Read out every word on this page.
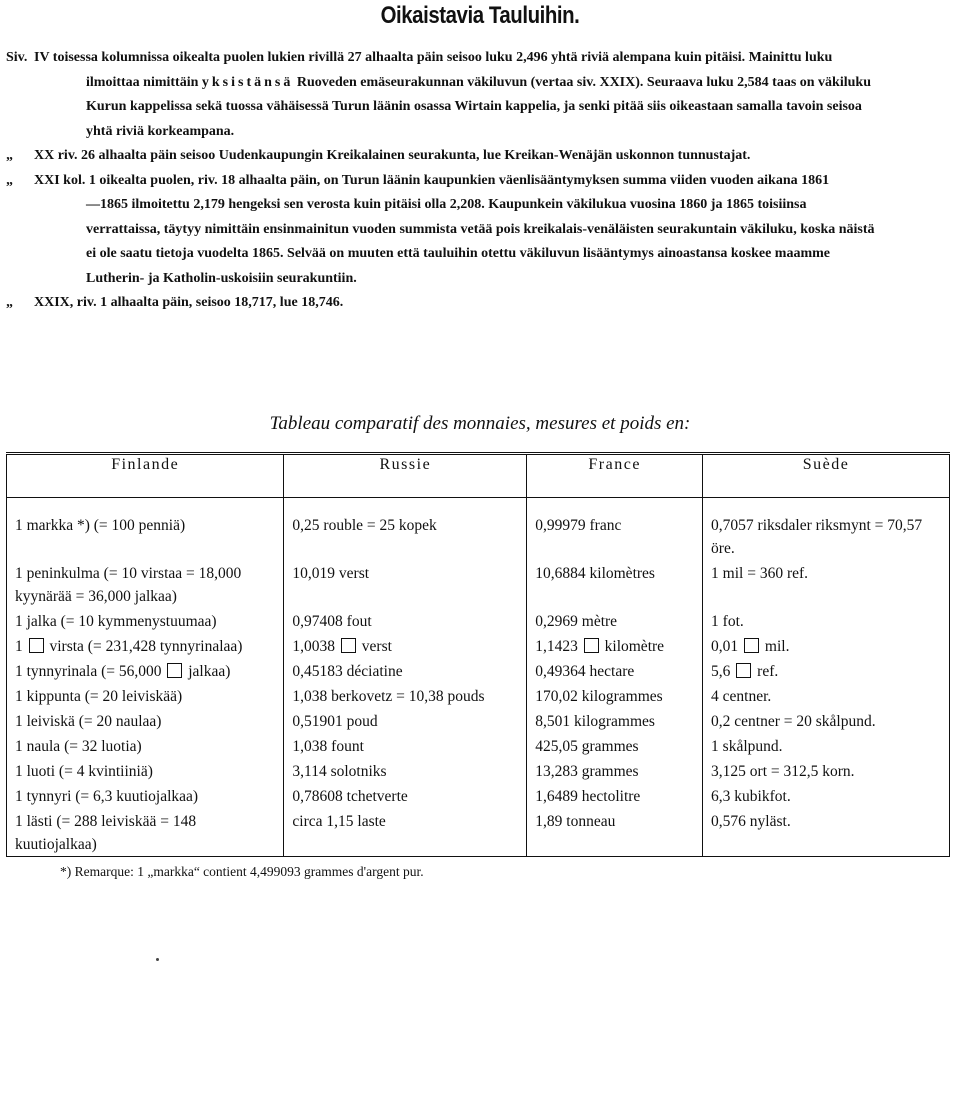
Oikaistavia Tauluihin.
Siv. IV toisessa kolumnissa oikealta puolen lukien rivillä 27 alhaalta päin seisoo luku 2,496 yhtä riviä alempana kuin pitäisi. Mainittu luku
ilmoittaa nimittäin yksistänsä Ruoveden emäseurakunnan väkiluvun (vertaa siv. XXIX). Seuraava luku 2,584 taas on väkiluku
Kurun kappelissa sekä tuossa vähäisessä Turun läänin osassa Wirtain kappelia, ja senki pitää siis oikeastaan samalla tavoin seisoa
yhtä riviä korkeampana.
„ XX riv. 26 alhaalta päin seisoo Uudenkaupungin Kreikalainen seurakunta, lue Kreikan-Wenäjän uskonnon tunnustajat.
„ XXI kol. 1 oikealta puolen, riv. 18 alhaalta päin, on Turun läänin kaupunkien väenlisääntymyksen summa viiden vuoden aikana 1861
—1865 ilmoitettu 2,179 hengeksi sen verosta kuin pitäisi olla 2,208. Kaupunkein väkilukua vuosina 1860 ja 1865 toisiinsa
verrattaissa, täytyy nimittäin ensinmainitun vuoden summista vetää pois kreikalais-venäläisten seurakuntain väkiluku, koska näistä
ei ole saatu tietoja vuodelta 1865. Selvää on muuten että tauluihin otettu väkiluvun lisääntymys ainoastansa koskee maamme
Lutherin- ja Katholin-uskoisiin seurakuntiin.
„ XXIX, riv. 1 alhaalta päin, seisoo 18,717, lue 18,746.
Tableau comparatif des monnaies, mesures et poids en:
Finlande	Russie	France	Suède

1 markka *) (= 100 penniä)	0,25 rouble = 25 kopek	0,99979 franc	0,7057 riksdaler riksmynt = 70,57 öre.
1 peninkulma (= 10 virstaa = 18,000 kyynärää = 36,000 jalkaa)	10,019 verst	10,6884 kilomètres	1 mil = 360 ref.
1 jalka (= 10 kymmenystuumaa)	0,97408 fout	0,2969 mètre	1 fot.
1  virsta (= 231,428 tynnyrinalaa)	1,0038  verst	1,1423  kilomètre	0,01  mil.
1 tynnyrinala (= 56,000  jalkaa)	0,45183 déciatine	0,49364 hectare	5,6  ref.
1 kippunta (= 20 leiviskää)	1,038 berkovetz = 10,38 pouds	170,02 kilogrammes	4 centner.
1 leiviskä (= 20 naulaa)	0,51901 poud	8,501 kilogrammes	0,2 centner = 20 skålpund.
1 naula (= 32 luotia)	1,038 fount	425,05 grammes	1 skålpund.
1 luoti (= 4 kvintiiniä)	3,114 solotniks	13,283 grammes	3,125 ort = 312,5 korn.
1 tynnyri (= 6,3 kuutiojalkaa)	0,78608 tchetverte	1,6489 hectolitre	6,3 kubikfot.
1 lästi (= 288 leiviskää = 148 kuutiojalkaa)	circa 1,15 laste	1,89 tonneau	0,576 nyläst.
*) Remarque: 1 „markka“ contient 4,499093 grammes d'argent pur.
